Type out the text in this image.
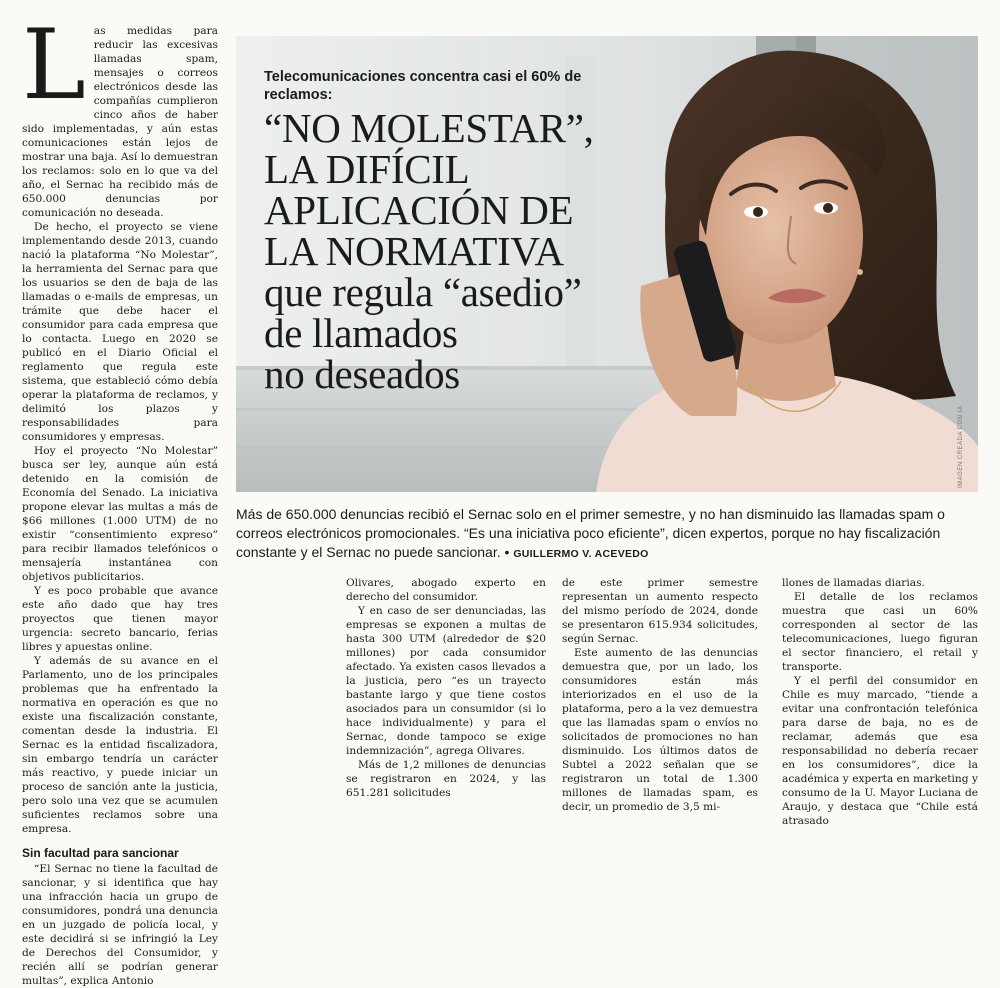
L as medidas para reducir las excesivas llamadas spam, mensajes o correos electrónicos desde las compañías cumplieron cinco años de haber sido implementadas, y aún estas comunicaciones están lejos de mostrar una baja. Así lo demuestran los reclamos: solo en lo que va del año, el Sernac ha recibido más de 650.000 denuncias por comunicación no deseada.

De hecho, el proyecto se viene implementando desde 2013, cuando nació la plataforma “No Molestar”, la herramienta del Sernac para que los usuarios se den de baja de las llamadas o e-mails de empresas, un trámite que debe hacer el consumidor para cada empresa que lo contacta. Luego en 2020 se publicó en el Diario Oficial el reglamento que regula este sistema, que estableció cómo debía operar la plataforma de reclamos, y delimitó los plazos y responsabilidades para consumidores y empresas.

Hoy el proyecto “No Molestar” busca ser ley, aunque aún está detenido en la comisión de Economía del Senado. La iniciativa propone elevar las multas a más de $66 millones (1.000 UTM) de no existir “consentimiento expreso” para recibir llamados telefónicos o mensajería instantánea con objetivos publicitarios.

Y es poco probable que avance este año dado que hay tres proyectos que tienen mayor urgencia: secreto bancario, ferias libres y apuestas online.

Y además de su avance en el Parlamento, uno de los principales problemas que ha enfrentado la normativa en operación es que no existe una fiscalización constante, comentan desde la industria. El Sernac es la entidad fiscalizadora, sin embargo tendría un carácter más reactivo, y puede iniciar un proceso de sanción ante la justicia, pero solo una vez que se acumulen suficientes reclamos sobre una empresa.

Sin facultad para sancionar

“El Sernac no tiene la facultad de sancionar, y si identifica que hay una infracción hacia un grupo de consumidores, pondrá una denuncia en un juzgado de policía local, y este decidirá si se infringió la Ley de Derechos del Consumidor, y recién allí se podrían generar multas”, explica Antonio

Telecomunicaciones concentra casi el 60% de reclamos:
“NO MOLESTAR”,
LA DIFÍCIL
APLICACIÓN DE
LA NORMATIVA
que regula “asedio”
de llamados
no deseados
IMAGEN CREADA CON IA
Más de 650.000 denuncias recibió el Sernac solo en el primer semestre, y no han disminuido las llamadas spam o correos electrónicos promocionales. “Es una iniciativa poco eficiente”, dicen expertos, porque no hay fiscalización constante y el Sernac no puede sancionar. • GUILLERMO V. ACEVEDO

Olivares, abogado experto en derecho del consumidor.

Y en caso de ser denunciadas, las empresas se exponen a multas de hasta 300 UTM (alrededor de $20 millones) por cada consumidor afectado. Ya existen casos llevados a la justicia, pero “es un trayecto bastante largo y que tiene costos asociados para un consumidor (si lo hace individualmente) y para el Sernac, donde tampoco se exige indemnización”, agrega Olivares.

Más de 1,2 millones de denuncias se registraron en 2024, y las 651.281 solicitudes

de este primer semestre representan un aumento respecto del mismo período de 2024, donde se presentaron 615.934 solicitudes, según Sernac.

Este aumento de las denuncias demuestra que, por un lado, los consumidores están más interiorizados en el uso de la plataforma, pero a la vez demuestra que las llamadas spam o envíos no solicitados de promociones no han disminuido. Los últimos datos de Subtel a 2022 señalan que se registraron un total de 1.300 millones de llamadas spam, es decir, un promedio de 3,5 mi-

llones de llamadas diarias.

El detalle de los reclamos muestra que casi un 60% corresponden al sector de las telecomunicaciones, luego figuran el sector financiero, el retail y transporte.

Y el perfil del consumidor en Chile es muy marcado, “tiende a evitar una confrontación telefónica para darse de baja, no es de reclamar, además que esa responsabilidad no debería recaer en los consumidores”, dice la académica y experta en marketing y consumo de la U. Mayor Luciana de Araujo, y destaca que “Chile está atrasado
